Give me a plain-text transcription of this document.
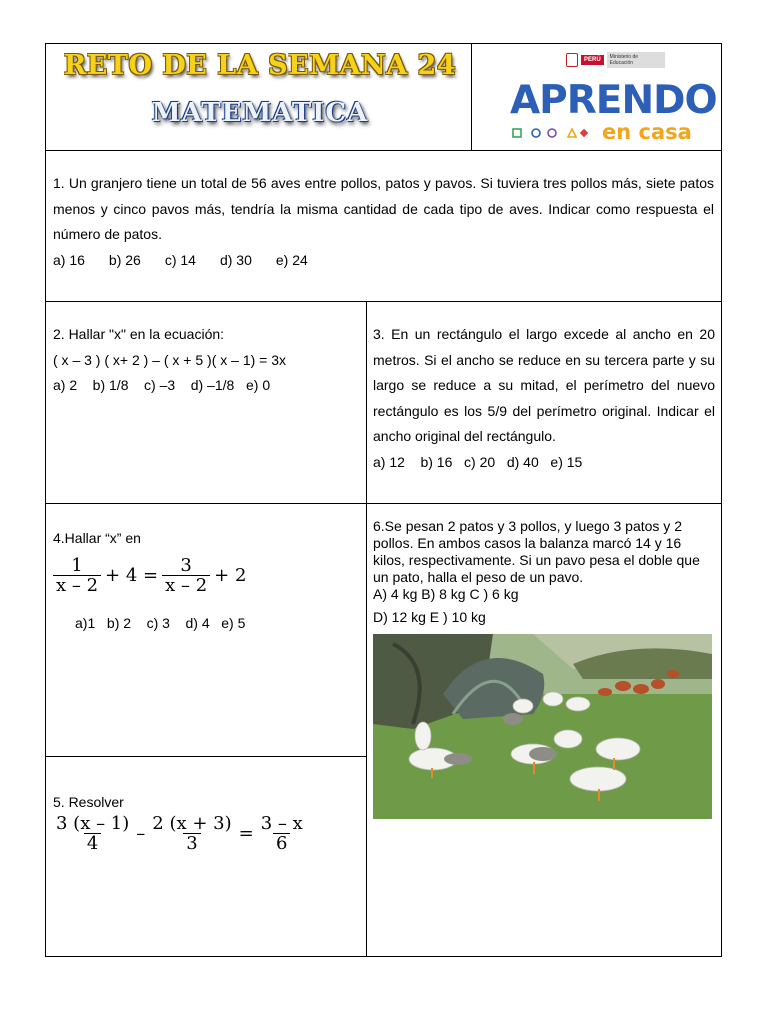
RETO DE LA SEMANA 24
MATEMATICA
PERÚ	Ministerio de Educación
APRENDO
en casa

1. Un granjero tiene un total de 56 aves entre pollos, patos y pavos. Si tuviera tres pollos más, siete patos menos y cinco pavos más, tendría la misma cantidad de cada tipo de aves. Indicar como respuesta el número de patos.

a) 16 b) 26 c) 14 d) 30 e) 24

2. Hallar "x" en la ecuación:

( x – 3 ) ( x+ 2 ) – ( x + 5 )( x – 1) = 3x

a) 2    b) 1/8    c) –3    d) –1/8   e) 0

3. En un rectángulo el largo excede al ancho en 20 metros. Si el ancho se reduce en su tercera parte y su largo se reduce a su mitad, el perímetro del nuevo rectángulo es los 5/9 del perímetro original. Indicar el ancho original del rectángulo.

a) 12    b) 16   c) 20   d) 40   e) 15

4.Hallar “x” en

$\frac{1}{x - 2} + 4 = \frac{3}{x - 2} + 2$

a)1   b) 2    c) 3    d) 4   e) 5

5. Resolver

$\frac{3 (x - 1)}{4} - \frac{2 (x + 3)}{3} = \frac{3 - x}{6}$

6.Se pesan 2 patos y 3 pollos, y luego 3 patos y 2 pollos. En ambos casos la balanza marcó 14 y 16 kilos, respectivamente. Si un pavo pesa el doble que un pato, halla el peso de un pavo.

A) 4 kg B) 8 kg C ) 6 kg

D) 12 kg E ) 10 kg
